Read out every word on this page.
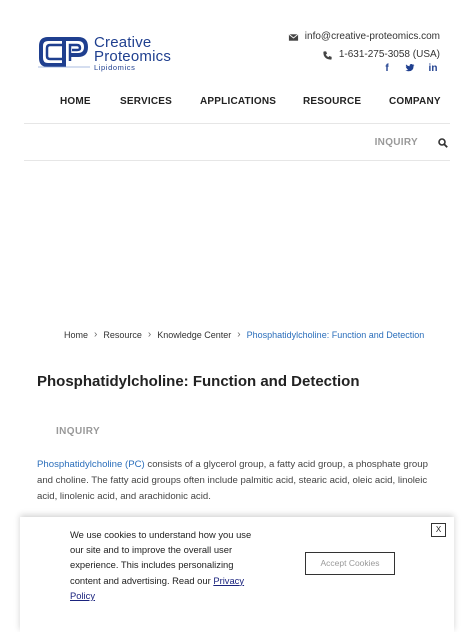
Creative
Proteomics
Lipidomics
info@creative-proteomics.com
1-631-275-3058 (USA)
f	in
HOME	SERVICES	APPLICATIONS	RESOURCE	COMPANY
INQUIRY
Home › Resource › Knowledge Center › Phosphatidylcholine: Function and Detection
Phosphatidylcholine: Function and Detection
INQUIRY

Phosphatidylcholine (PC) consists of a glycerol group, a fatty acid group, a phosphate group and choline. The fatty acid groups often include palmitic acid, stearic acid, oleic acid, linoleic acid, linolenic acid, and arachidonic acid.

We use cookies to understand how you use our site and to improve the overall user experience. This includes personalizing content and advertising. Read our Privacy Policy

Accept Cookies
X
